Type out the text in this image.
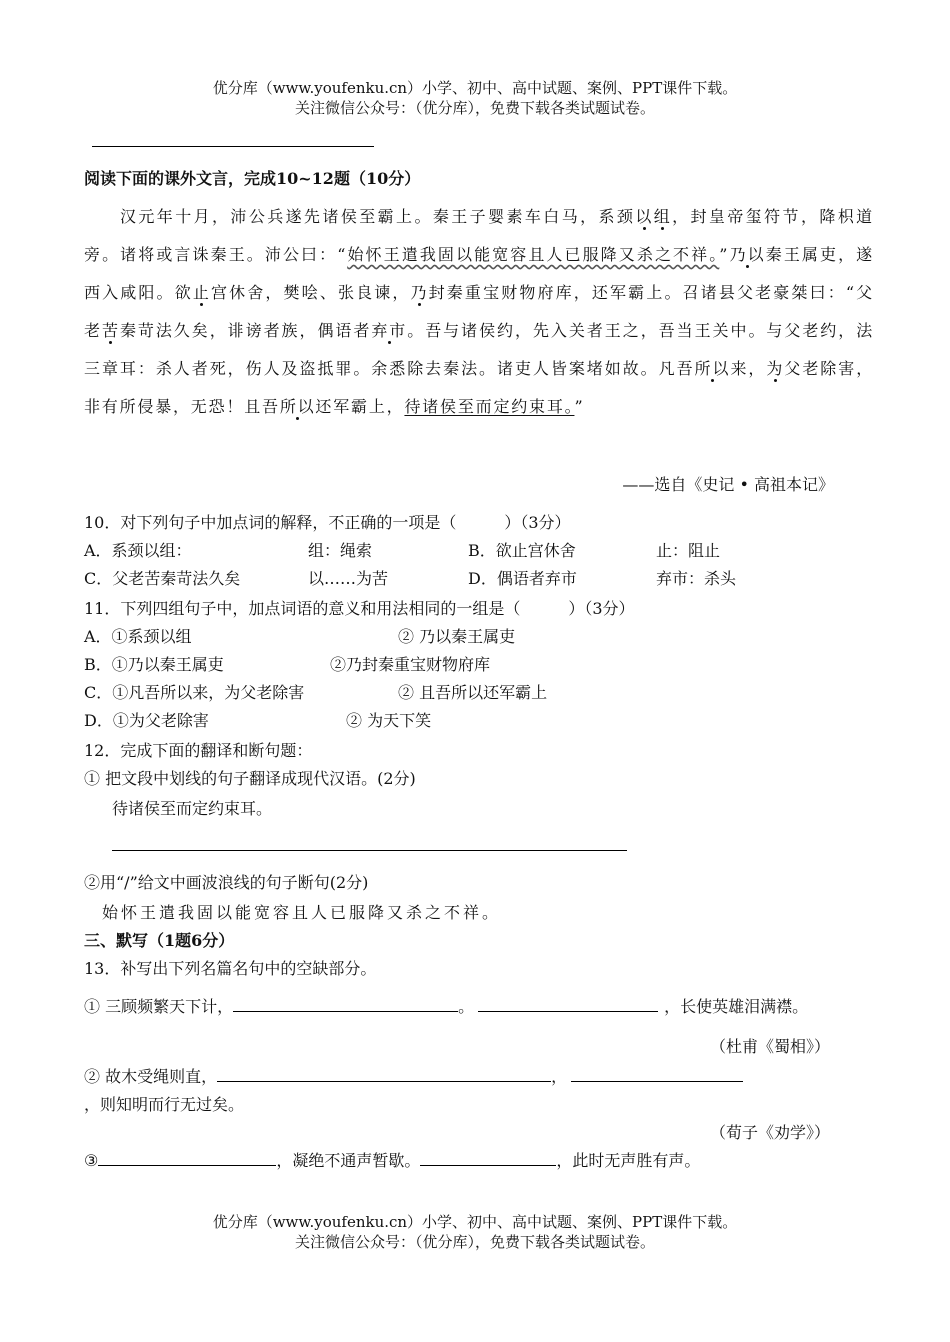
优分库（www.youfenku.cn）小学、初中、高中试题、案例、PPT课件下载。
关注微信公众号：（优分库），免费下载各类试题试卷。
阅读下面的课外文言，完成10~12题（10分）

汉元年十月，沛公兵遂先诸侯至霸上。秦王子婴素车白马，系颈以组，封皇帝玺符节，降枳道旁。诸将或言诛秦王。沛公曰：“始怀王遣我固以能宽容且人已服降又杀之不祥。”乃以秦王属吏，遂西入咸阳。欲止宫休舍，樊哙、张良谏，乃封秦重宝财物府库，还军霸上。召诸县父老豪桀曰：“父老苦秦苛法久矣，诽谤者族，偶语者弃市。吾与诸侯约，先入关者王之，吾当王关中。与父老约，法三章耳：杀人者死，伤人及盗抵罪。余悉除去秦法。诸吏人皆案堵如故。凡吾所以来，为父老除害，非有所侵暴，无恐！且吾所以还军霸上，待诸侯至而定约束耳。”

——选自《史记 • 高祖本记》
10．对下列句子中加点词的解释，不正确的一项是（　　　）（3分）
A．系颈以组：	组：绳索	B．欲止宫休舍	止：阻止
C．父老苦秦苛法久矣	以……为苦	D．偶语者弃市	弃市：杀头
11．下列四组句子中，加点词语的意义和用法相同的一组是（　　　）（3分）
A．①系颈以组	② 乃以秦王属吏
B．①乃以秦王属吏	②乃封秦重宝财物府库
C．①凡吾所以来，为父老除害	② 且吾所以还军霸上
D．①为父老除害	② 为天下笑
12．完成下面的翻译和断句题：
① 把文段中划线的句子翻译成现代汉语。(2分)
待诸侯至而定约束耳。
②用“/”给文中画波浪线的句子断句(2分)
始怀王遣我固以能宽容且人已服降又杀之不祥。
三、默写（1题6分）
13．补写出下列名篇名句中的空缺部分。
① 三顾频繁天下计，	。	，长使英雄泪满襟。
（杜甫《蜀相》）
② 故木受绳则直，	，
，则知明而行无过矣。
（荀子《劝学》）
③	，凝绝不通声暂歇。	，此时无声胜有声。
优分库（www.youfenku.cn）小学、初中、高中试题、案例、PPT课件下载。
关注微信公众号：（优分库），免费下载各类试题试卷。
